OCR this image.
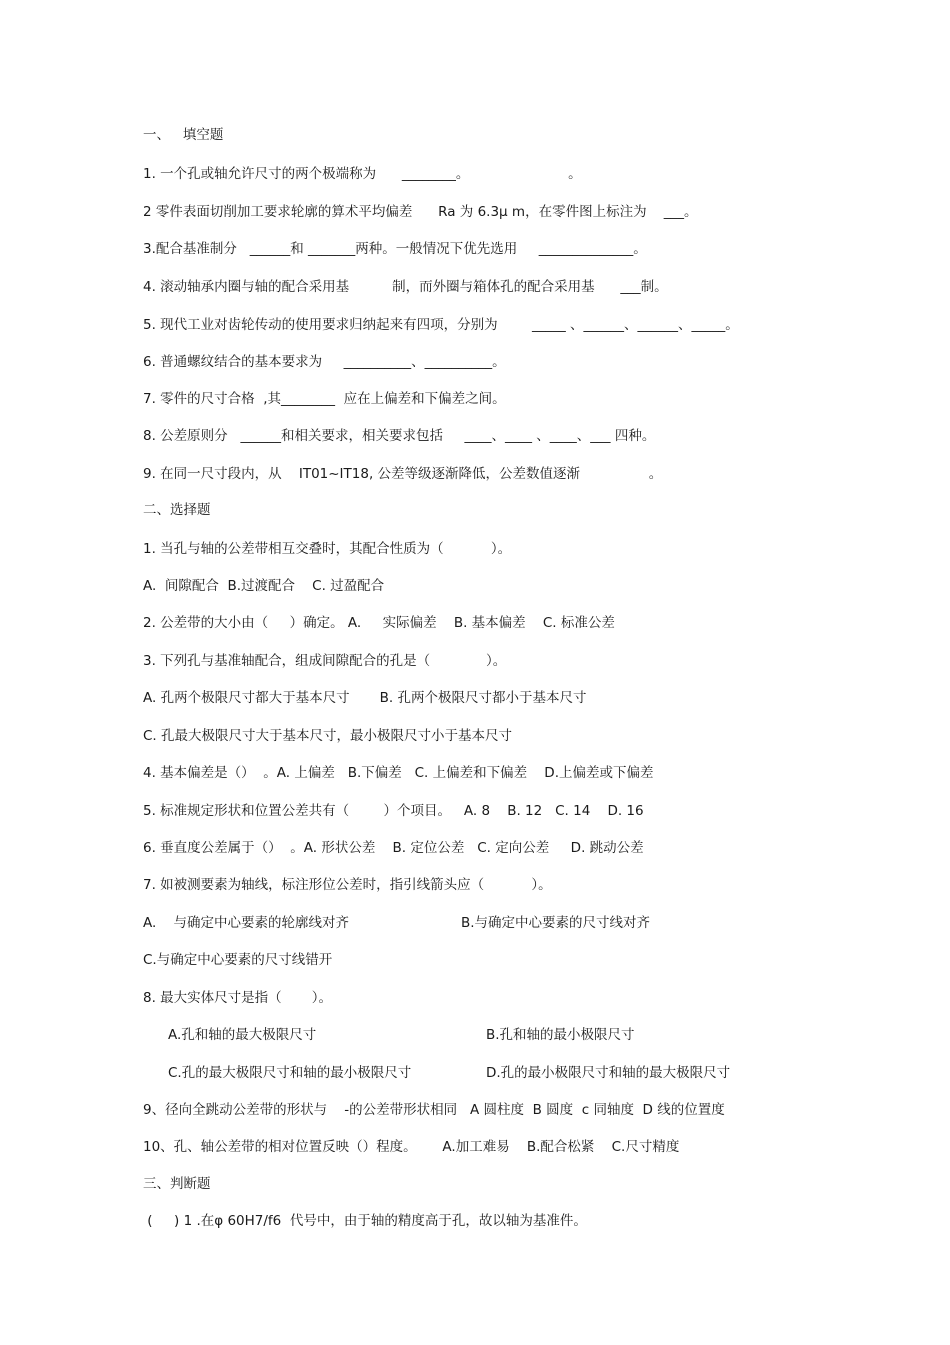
一、   填空题
1. 一个孔或轴允许尺寸的两个极端称为      ________。                       。
2 零件表面切削加工要求轮廓的算术平均偏差      Ra 为 6.3μ m，在零件图上标注为    ___。
3.配合基准制分   ______和 _______两种。一般情况下优先选用     ______________。
4. 滚动轴承内圈与轴的配合采用基          制，而外圈与箱体孔的配合采用基      ___制。
5. 现代工业对齿轮传动的使用要求归纳起来有四项，分别为        _____ 、______、______、_____。
6. 普通螺纹结合的基本要求为     __________、__________。
7. 零件的尺寸合格  ,其________  应在上偏差和下偏差之间。
8. 公差原则分   ______和相关要求，相关要求包括     ____、____ 、____、___ 四种。
9. 在同一尺寸段内，从    IT01~IT18, 公差等级逐渐降低，公差数值逐渐                。
二、选择题
1. 当孔与轴的公差带相互交叠时，其配合性质为（           ）。
A.  间隙配合  B.过渡配合    C. 过盈配合
2. 公差带的大小由（     ）确定。 A.     实际偏差    B. 基本偏差    C. 标准公差
3. 下列孔与基准轴配合，组成间隙配合的孔是（             ）。
A. 孔两个极限尺寸都大于基本尺寸       B. 孔两个极限尺寸都小于基本尺寸
C. 孔最大极限尺寸大于基本尺寸，最小极限尺寸小于基本尺寸
4. 基本偏差是（）  。A. 上偏差   B.下偏差   C. 上偏差和下偏差    D.上偏差或下偏差
5. 标准规定形状和位置公差共有（        ）个项目。   A. 8    B. 12   C. 14    D. 16
6. 垂直度公差属于（）  。A. 形状公差    B. 定位公差   C. 定向公差     D. 跳动公差
7. 如被测要素为轴线，标注形位公差时，指引线箭头应（           ）。
A.    与确定中心要素的轮廓线对齐	B.与确定中心要素的尺寸线对齐
C.与确定中心要素的尺寸线错开
8. 最大实体尺寸是指（       ）。
A.孔和轴的最大极限尺寸	B.孔和轴的最小极限尺寸
C.孔的最大极限尺寸和轴的最小极限尺寸	D.孔的最小极限尺寸和轴的最大极限尺寸
9、径向全跳动公差带的形状与    -的公差带形状相同   A 圆柱度  B 圆度  c 同轴度  D 线的位置度
10、孔、轴公差带的相对位置反映（）程度。      A.加工难易    B.配合松紧    C.尺寸精度
三、判断题
(     ) 1 .在φ 60H7/f6  代号中，由于轴的精度高于孔，故以轴为基准件。
